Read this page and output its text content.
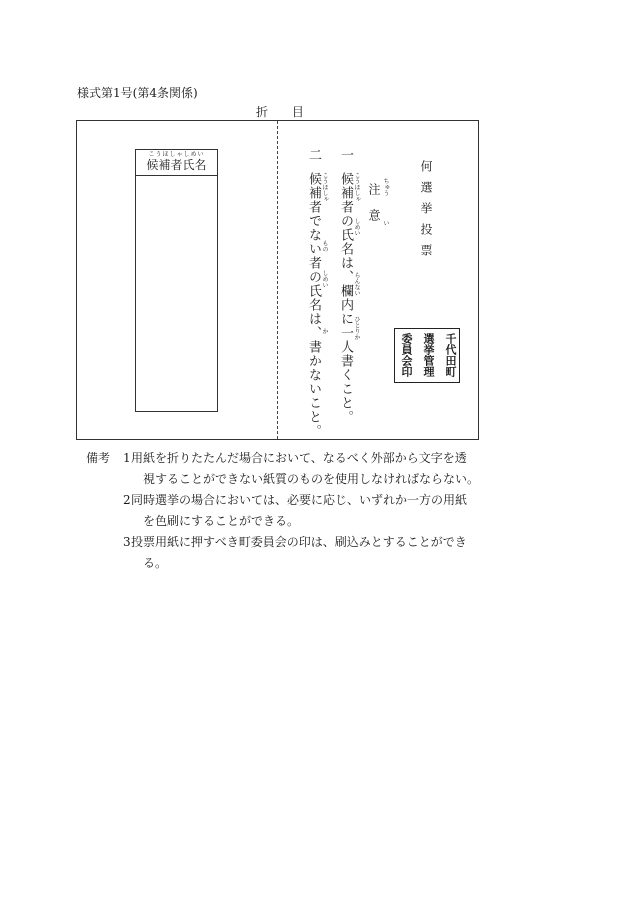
様式第1号(第4条関係)
折 目
こうほしゃしめい
候補者氏名	何選挙投票
注意 ちゅう
い
一
候補者の氏名は、欄内に一人書くこと。 こうほしゃ
しめい
らんない
ひとりか
二
候補者でない者の氏名は、書かないこと。 こうほしゃ
もの
しめい
か
千代田町
選挙管理
委員会印
備考 1 用紙を折りたたんだ場合において、なるべく外部から文字を透
視することができない紙質のものを使用しなければならない。
2 同時選挙の場合においては、必要に応じ、いずれか一方の用紙
を色刷にすることができる。
3 投票用紙に押すべき町委員会の印は、刷込みとすることができ
る。
